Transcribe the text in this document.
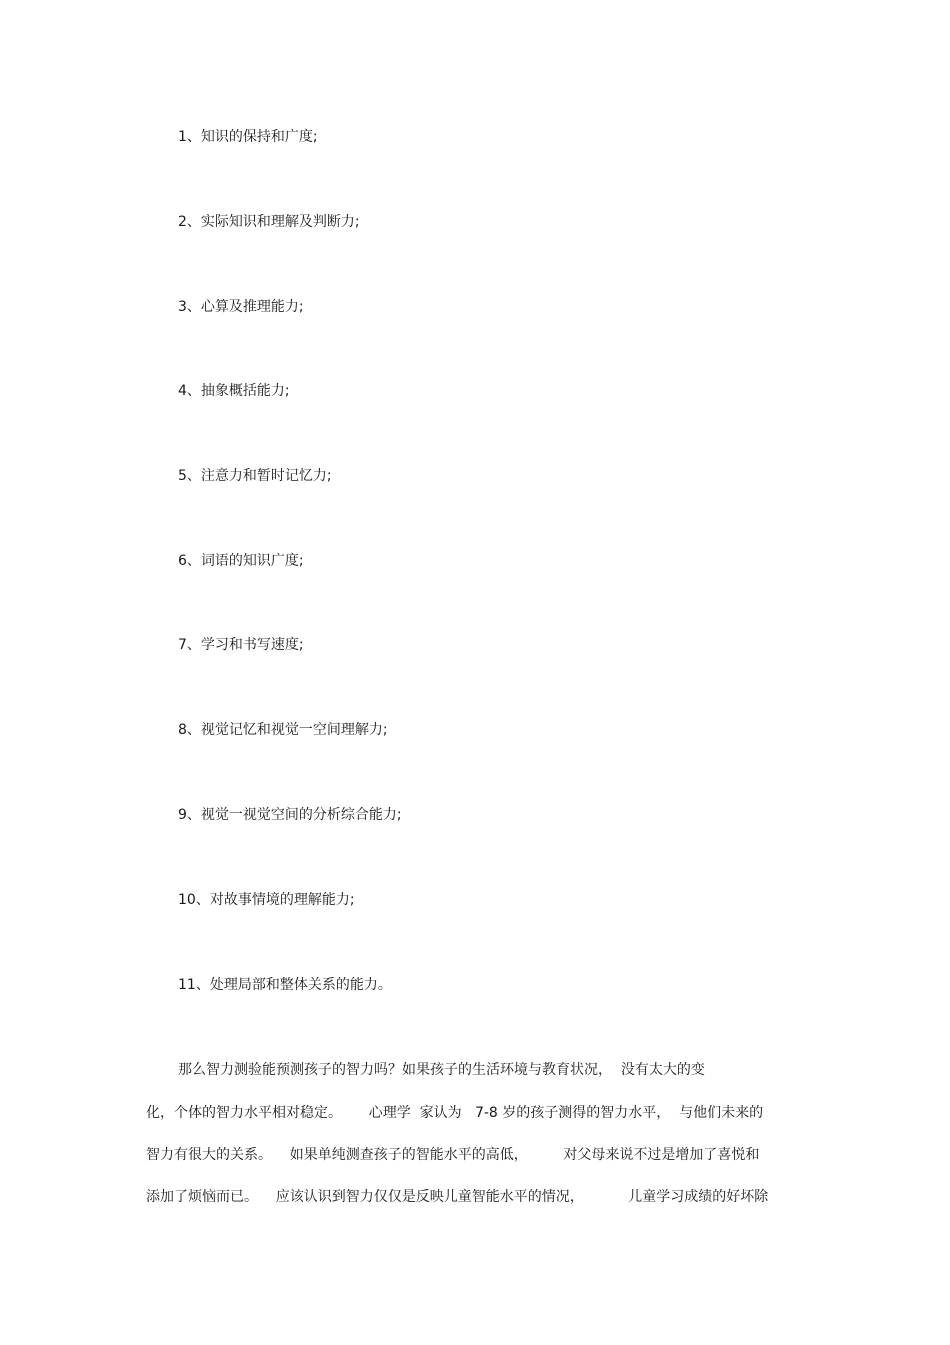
1、知识的保持和广度;
2、实际知识和理解及判断力;
3、心算及推理能力;
4、抽象概括能力;
5、注意力和暂时记忆力;
6、词语的知识广度;
7、学习和书写速度;
8、视觉记忆和视觉一空间理解力;
9、视觉一视觉空间的分析综合能力;
10、对故事情境的理解能力;
11、处理局部和整体关系的能力。
那么智力测验能预测孩子的智力吗？如果孩子的生活环境与教育状况，  没有太大的变
化，个体的智力水平相对稳定。      心理学  家认为   7-8 岁的孩子测得的智力水平，  与他们未来的
智力有很大的关系。    如果单纯测查孩子的智能水平的高低，        对父母来说不过是增加了喜悦和
添加了烦恼而已。    应该认识到智力仅仅是反映儿童智能水平的情况，          儿童学习成绩的好坏除
